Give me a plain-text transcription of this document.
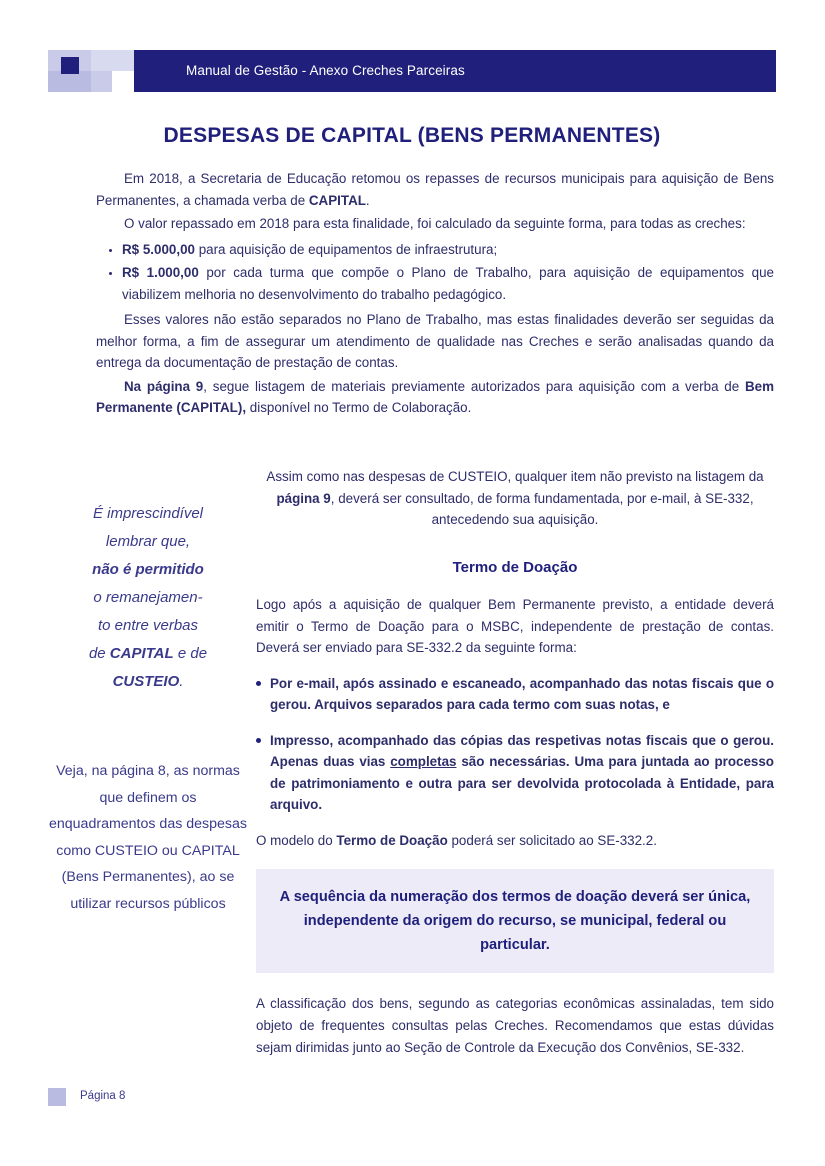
Manual de Gestão - Anexo Creches Parceiras
DESPESAS DE CAPITAL (BENS PERMANENTES)

Em 2018, a Secretaria de Educação retomou os repasses de recursos municipais para aquisição de Bens Permanentes, a chamada verba de CAPITAL.

O valor repassado em 2018 para esta finalidade, foi calculado da seguinte forma, para todas as creches:

R$ 5.000,00 para aquisição de equipamentos de infraestrutura;
R$ 1.000,00 por cada turma que compõe o Plano de Trabalho, para aquisição de equipamentos que viabilizem melhoria no desenvolvimento do trabalho pedagógico.

Esses valores não estão separados no Plano de Trabalho, mas estas finalidades deverão ser seguidas da melhor forma, a fim de assegurar um atendimento de qualidade nas Creches e serão analisadas quando da entrega da documentação de prestação de contas.

Na página 9, segue listagem de materiais previamente autorizados para aquisição com a verba de Bem Permanente (CAPITAL), disponível no Termo de Colaboração.

É imprescindível
lembrar que,
não é permitido
o remanejamen-
to entre verbas
de CAPITAL e de
CUSTEIO.
Veja, na página 8, as normas que definem os enquadramentos das despesas como CUSTEIO ou CAPITAL (Bens Permanentes), ao se utilizar recursos públicos

Assim como nas despesas de CUSTEIO, qualquer item não previsto na listagem da página 9, deverá ser consultado, de forma fundamentada, por e-mail, à SE-332, antecedendo sua aquisição.

Termo de Doação

Logo após a aquisição de qualquer Bem Permanente previsto, a entidade deverá emitir o Termo de Doação para o MSBC, independente de prestação de contas. Deverá ser enviado para SE-332.2 da seguinte forma:

Por e-mail, após assinado e escaneado, acompanhado das notas fiscais que o gerou. Arquivos separados para cada termo com suas notas, e
Impresso, acompanhado das cópias das respetivas notas fiscais que o gerou. Apenas duas vias completas são necessárias. Uma para juntada ao processo de patrimoniamento e outra para ser devolvida protocolada à Entidade, para arquivo.

O modelo do Termo de Doação poderá ser solicitado ao SE-332.2.

A sequência da numeração dos termos de doação deverá ser única, independente da origem do recurso, se municipal, federal ou particular.

A classificação dos bens, segundo as categorias econômicas assinaladas, tem sido objeto de frequentes consultas pelas Creches. Recomendamos que estas dúvidas sejam dirimidas junto ao Seção de Controle da Execução dos Convênios, SE-332.

Página 8
